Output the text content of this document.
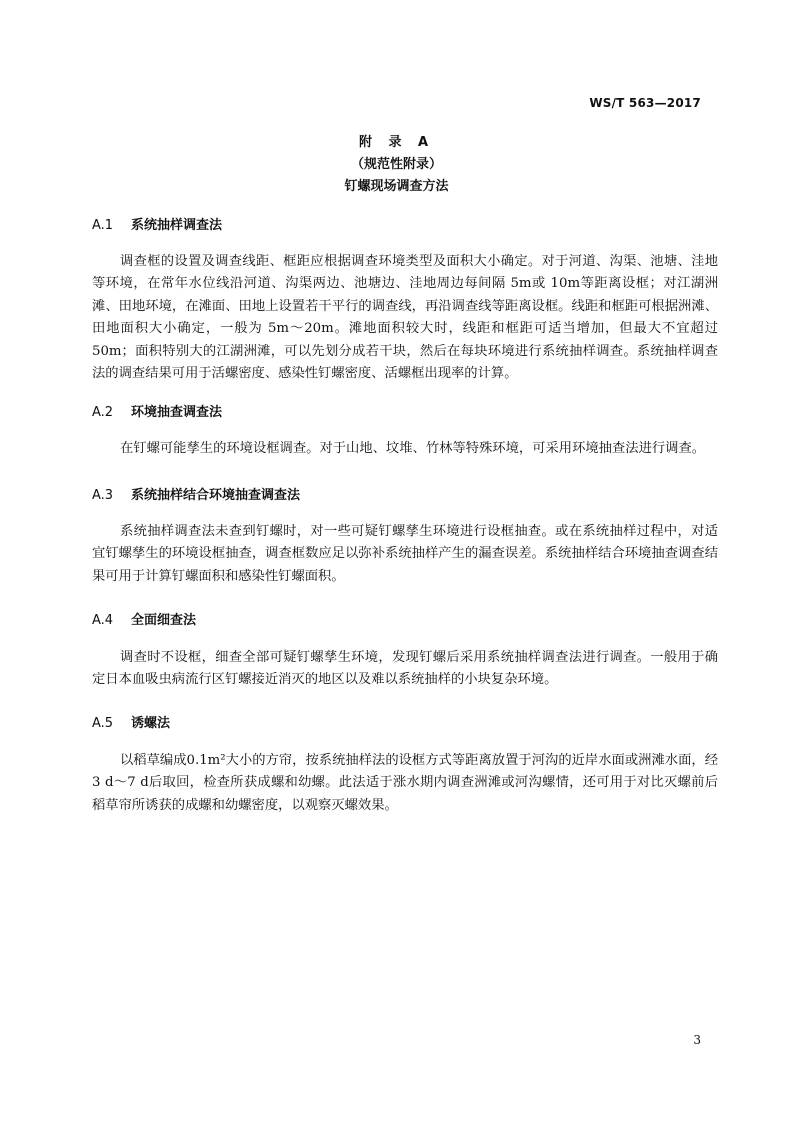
WS/T 563—2017
附 录 A
（规范性附录）
钉螺现场调查方法
A.1 系统抽样调查法

调查框的设置及调查线距、框距应根据调查环境类型及面积大小确定。对于河道、沟渠、池塘、洼地等环境，在常年水位线沿河道、沟渠两边、池塘边、洼地周边每间隔 5m或 10m等距离设框；对江湖洲滩、田地环境，在滩面、田地上设置若干平行的调查线，再沿调查线等距离设框。线距和框距可根据洲滩、田地面积大小确定，一般为 5m～20m。滩地面积较大时，线距和框距可适当增加，但最大不宜超过 50m；面积特别大的江湖洲滩，可以先划分成若干块，然后在每块环境进行系统抽样调查。系统抽样调查法的调查结果可用于活螺密度、感染性钉螺密度、活螺框出现率的计算。

A.2 环境抽查调查法

在钉螺可能孳生的环境设框调查。对于山地、坟堆、竹林等特殊环境，可采用环境抽查法进行调查。

A.3 系统抽样结合环境抽查调查法

系统抽样调查法未查到钉螺时，对一些可疑钉螺孳生环境进行设框抽查。或在系统抽样过程中，对适宜钉螺孳生的环境设框抽查，调查框数应足以弥补系统抽样产生的漏查误差。系统抽样结合环境抽查调查结果可用于计算钉螺面积和感染性钉螺面积。

A.4 全面细查法

调查时不设框，细查全部可疑钉螺孳生环境，发现钉螺后采用系统抽样调查法进行调查。一般用于确定日本血吸虫病流行区钉螺接近消灭的地区以及难以系统抽样的小块复杂环境。

A.5 诱螺法

以稻草编成0.1m²大小的方帘，按系统抽样法的设框方式等距离放置于河沟的近岸水面或洲滩水面，经3 d～7 d后取回，检查所获成螺和幼螺。此法适于涨水期内调查洲滩或河沟螺情，还可用于对比灭螺前后稻草帘所诱获的成螺和幼螺密度，以观察灭螺效果。

3
